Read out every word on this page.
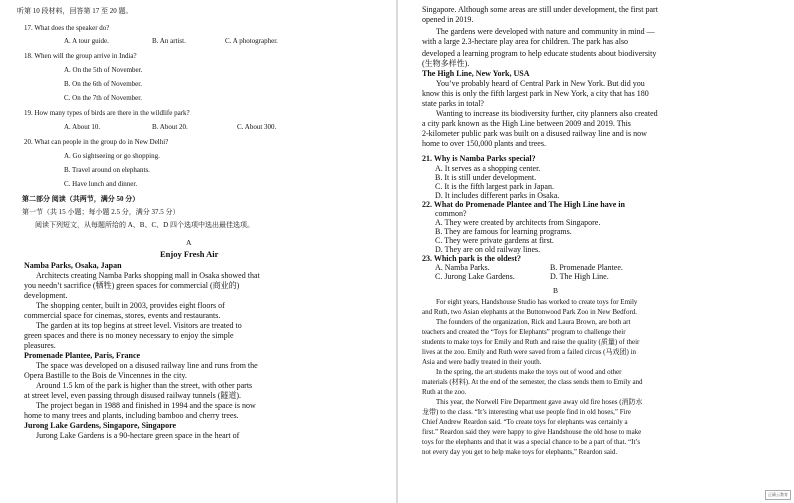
听第 10 段材料，回答第 17 至 20 题。
17. What does the speaker do?
A. A tour guide.	B. An artist.	C. A photographer.
18. When will the group arrive in India?
A. On the 5th of November.
B. On the 6th of November.
C. On the 7th of November.
19. How many types of birds are there in the wildlife park?
A. About 10.	B. About 20.	C. About 300.
20. What can people in the group do in New Delhi?
A. Go sightseeing or go shopping.
B. Travel around on elephants.
C. Have lunch and dinner.
第二部分 阅读（共两节，满分 50 分）
第一节（共 15 小题；每小题 2.5 分，满分 37.5 分）
阅读下列短文，从每题所给的 A、B、C、D 四个选项中选出最佳选项。
A
Enjoy Fresh Air
Namba Parks, Osaka, Japan
Architects creating Namba Parks shopping mall in Osaka showed that
you needn’t sacrifice (牺牲) green spaces for commercial (商业的)
development.
The shopping center, built in 2003, provides eight floors of
commercial space for cinemas, stores, events and restaurants.
The garden at its top begins at street level. Visitors are treated to
green spaces and there is no money necessary to enjoy the simple
pleasures.
Promenade Plantee, Paris, France
The space was developed on a disused railway line and runs from the
Opera Bastille to the Bois de Vincennes in the city.
Around 1.5 km of the park is higher than the street, with other parts
at street level, even passing through disused railway tunnels (隧道).
The project began in 1988 and finished in 1994 and the space is now
home to many trees and plants, including bamboo and cherry trees.
Jurong Lake Gardens, Singapore, Singapore
Jurong Lake Gardens is a 90-hectare green space in the heart of
Singapore. Although some areas are still under development, the first part
opened in 2019.
The gardens were developed with nature and community in mind —
with a large 2.3-hectare play area for children. The park has also
developed a learning program to help educate students about biodiversity
(生物多样性).
The High Line, New York, USA
You’ve probably heard of Central Park in New York. But did you
know this is only the fifth largest park in New York, a city that has 180
state parks in total?
Wanting to increase its biodiversity further, city planners also created
a city park known as the High Line between 2009 and 2019. This
2-kilometer public park was built on a disused railway line and is now
home to over 150,000 plants and trees.
21. Why is Namba Parks special?
A. It serves as a shopping center.
B. It is still under development.
C. It is the fifth largest park in Japan.
D. It includes different parks in Osaka.
22. What do Promenade Plantee and The High Line have in
common?
A. They were created by architects from Singapore.
B. They are famous for learning programs.
C. They were private gardens at first.
D. They are on old railway lines.
23. Which park is the oldest?
A. Namba Parks.	B. Promenade Plantee.
C. Jurong Lake Gardens.	D. The High Line.
B
For eight years, Handshouse Studio has worked to create toys for Emily
and Ruth, two Asian elephants at the Buttonwood Park Zoo in New Bedford.
The founders of the organization, Rick and Laura Brown, are both art
teachers and created the “Toys for Elephants” program to challenge their
students to make toys for Emily and Ruth and raise the quality (质量) of their
lives at the zoo. Emily and Ruth were saved from a failed circus (马戏团) in
Asia and were badly treated in their youth.
In the spring, the art students make the toys out of wood and other
materials (材料). At the end of the semester, the class sends them to Emily and
Ruth at the zoo.
This year, the Norwell Fire Department gave away old fire hoses (消防水
龙带) to the class. “It’s interesting what use people find in old hoses,” Fire
Chief Andrew Reardon said. “To create toys for elephants was certainly a
first.” Reardon said they were happy to give Handshouse the old hose to make
toys for the elephants and that it was a special chance to be a part of that. “It’s
not every day you get to help make toys for elephants,” Reardon said.
正确云教育
